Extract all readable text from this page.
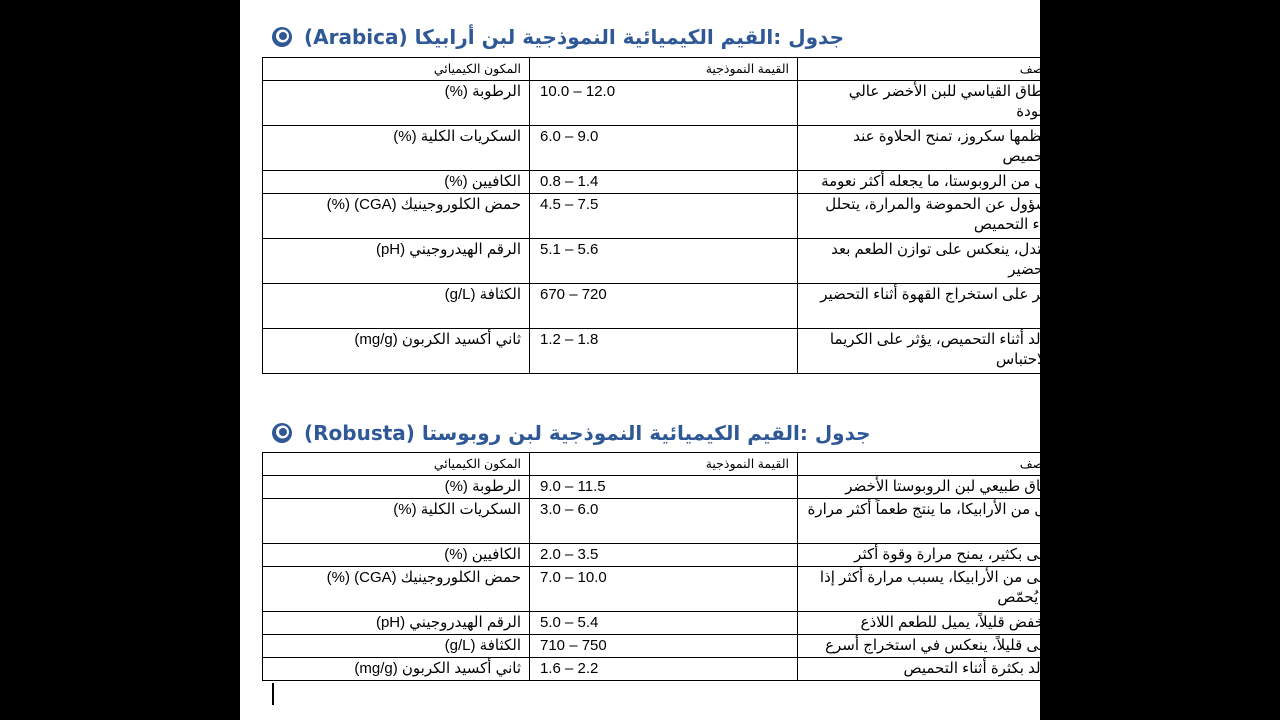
جدول :القيم الكيميائية النموذجية لبن أرابيكا (Arabica)
المكون الكيميائي	القيمة النموذجية	الوصف
الرطوبة (%)	10.0 – 12.0	النطاق القياسي للبن الأخضر عالي الجودة
السكريات الكلية (%)	6.0 – 9.0	معظمها سكروز، تمنح الحلاوة عند التحميص
الكافيين (%)	0.8 – 1.4	أقل من الروبوستا، ما يجعله أكثر نعومة
حمض الكلوروجينيك (CGA) (%)	4.5 – 7.5	مسؤول عن الحموضة والمرارة، يتحلل أثناء التحميص
الرقم الهيدروجيني (pH)	5.1 – 5.6	معتدل، ينعكس على توازن الطعم بعد التحضير
الكثافة (g/L)	670 – 720	تؤثر على استخراج القهوة أثناء التحضير
ثاني أكسيد الكربون (mg/g)	1.2 – 1.8	يتولد أثناء التحميص، يؤثر على الكريما والاحتباس
جدول :القيم الكيميائية النموذجية لبن روبوستا (Robusta)
المكون الكيميائي	القيمة النموذجية	الوصف
الرطوبة (%)	9.0 – 11.5	نطاق طبيعي لبن الروبوستا الأخضر
السكريات الكلية (%)	3.0 – 6.0	أقل من الأرابيكا، ما ينتج طعماً أكثر مرارة
الكافيين (%)	2.0 – 3.5	أعلى بكثير، يمنح مرارة وقوة أكثر
حمض الكلوروجينيك (CGA) (%)	7.0 – 10.0	أعلى من الأرابيكا، يسبب مرارة أكثر إذا لم يُحمّص
الرقم الهيدروجيني (pH)	5.0 – 5.4	منخفض قليلاً، يميل للطعم اللاذع
الكثافة (g/L)	710 – 750	أعلى قليلاً، ينعكس في استخراج أسرع
ثاني أكسيد الكربون (mg/g)	1.6 – 2.2	يتولد بكثرة أثناء التحميص
